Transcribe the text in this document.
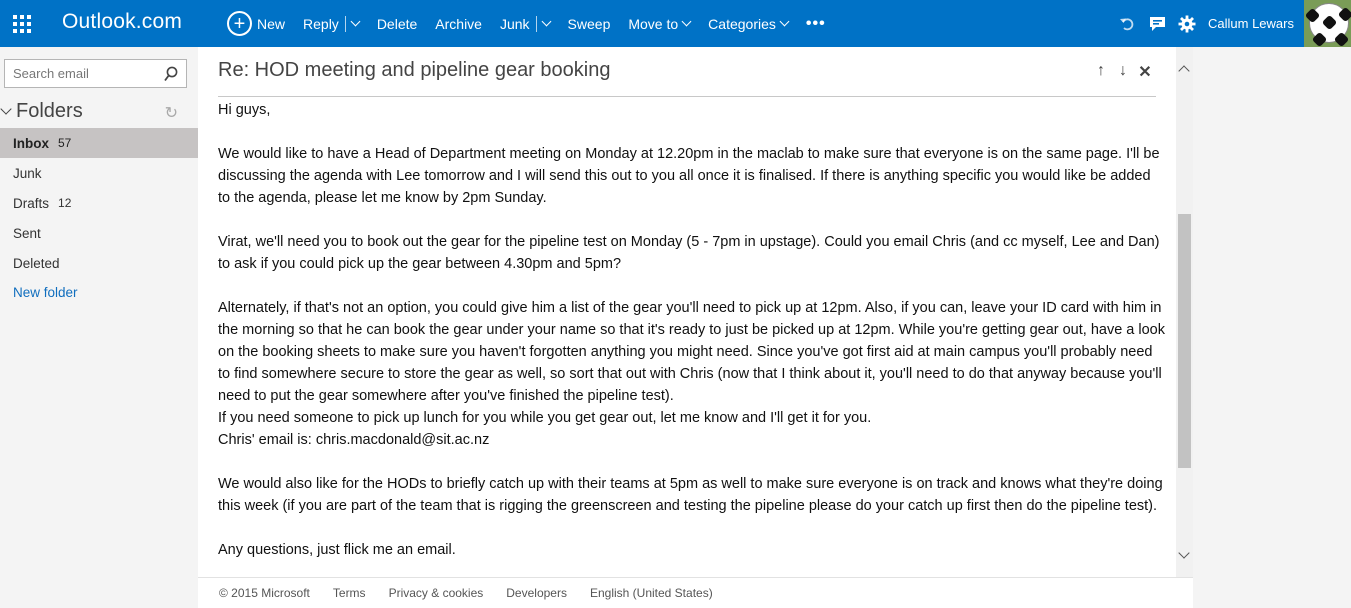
Outlook.com	+ New Reply	Delete Archive Junk	Sweep Move to Categories •••	Callum Lewars
Search email
Folders	↻
Inbox 57
Junk
Drafts 12
Sent
Deleted
New folder
Re: HOD meeting and pipeline gear booking	↑ ↓ ✕

Hi guys,

We would like to have a Head of Department meeting on Monday at 12.20pm in the maclab to make sure that everyone is on the same page. I'll be discussing the agenda with Lee tomorrow and I will send this out to you all once it is finalised. If there is anything specific you would like be added to the agenda, please let me know by 2pm Sunday.

Virat, we'll need you to book out the gear for the pipeline test on Monday (5 - 7pm in upstage). Could you email Chris (and cc myself, Lee and Dan) to ask if you could pick up the gear between 4.30pm and 5pm?

Alternately, if that's not an option, you could give him a list of the gear you'll need to pick up at 12pm. Also, if you can, leave your ID card with him in the morning so that he can book the gear under your name so that it's ready to just be picked up at 12pm. While you're getting gear out, have a look on the booking sheets to make sure you haven't forgotten anything you might need. Since you've got first aid at main campus you'll probably need to find somewhere secure to store the gear as well, so sort that out with Chris (now that I think about it, you'll need to do that anyway because you'll need to put the gear somewhere after you've finished the pipeline test).

If you need someone to pick up lunch for you while you get gear out, let me know and I'll get it for you.

Chris' email is: chris.macdonald@sit.ac.nz

We would also like for the HODs to briefly catch up with their teams at 5pm as well to make sure everyone is on track and knows what they're doing this week (if you are part of the team that is rigging the greenscreen and testing the pipeline please do your catch up first then do the pipeline test).

Any questions, just flick me an email.

© 2015 Microsoft Terms Privacy & cookies Developers English (United States)
